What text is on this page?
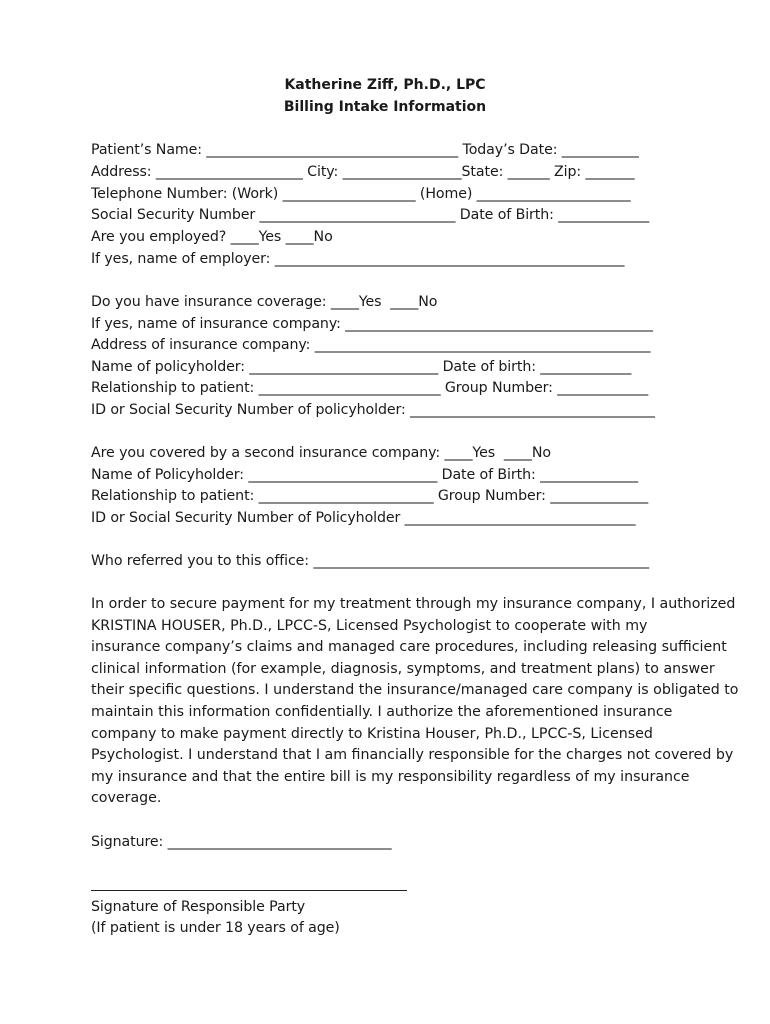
Katherine Ziff, Ph.D., LPC
Billing Intake Information
Patient’s Name: ____________________________________ Today’s Date: ___________
Address: _____________________ City: _________________State: ______ Zip: _______
Telephone Number: (Work) ___________________ (Home) ______________________
Social Security Number ____________________________ Date of Birth: _____________
Are you employed? ____Yes ____No
If yes, name of employer: __________________________________________________
Do you have insurance coverage: ____Yes  ____No
If yes, name of insurance company: ____________________________________________
Address of insurance company: ________________________________________________
Name of policyholder: ___________________________ Date of birth: _____________
Relationship to patient: __________________________ Group Number: _____________
ID or Social Security Number of policyholder: ___________________________________
Are you covered by a second insurance company: ____Yes  ____No
Name of Policyholder: ___________________________ Date of Birth: ______________
Relationship to patient: _________________________ Group Number: ______________
ID or Social Security Number of Policyholder _________________________________
Who referred you to this office: ________________________________________________
In order to secure payment for my treatment through my insurance company, I authorized
KRISTINA HOUSER, Ph.D., LPCC-S, Licensed Psychologist to cooperate with my
insurance company’s claims and managed care procedures, including releasing sufficient
clinical information (for example, diagnosis, symptoms, and treatment plans) to answer
their specific questions. I understand the insurance/managed care company is obligated to
maintain this information confidentially. I authorize the aforementioned insurance
company to make payment directly to Kristina Houser, Ph.D., LPCC-S, Licensed
Psychologist. I understand that I am financially responsible for the charges not covered by
my insurance and that the entire bill is my responsibility regardless of my insurance
coverage.
Signature: ________________________________
Signature of Responsible Party
(If patient is under 18 years of age)
